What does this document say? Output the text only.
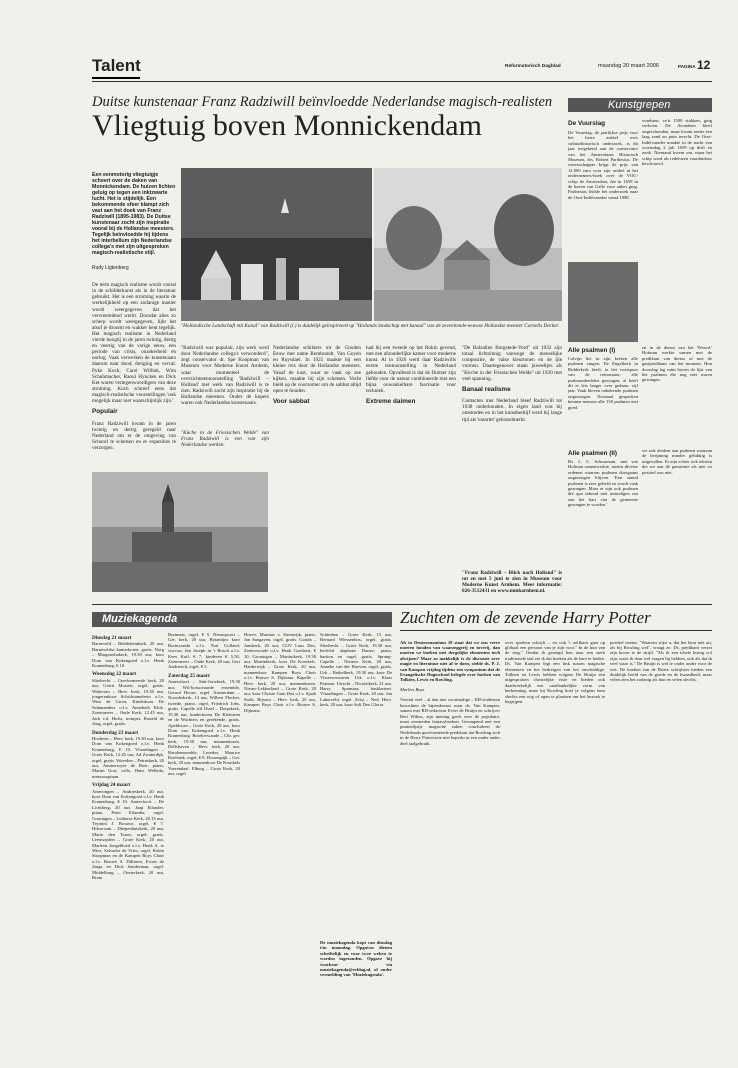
Talent	Reformatorisch Dagblad	maandag 20 maart 2006	PAGINA 12
Duitse kunstenaar Franz Radziwill beïnvloedde Nederlandse magisch-realisten
Vliegtuig boven Monnickendam
Een eenmotorig vliegtuigje scheert over de daken van Monnickendam. De huizen lichten geluig op tegen een inktzwarte lucht. Het is stijdelijk. Een bekommende sfeer klampt zich vast aan het doek van Franz Radziwill (1895-1983). De Duitse kunstenaar zocht zijn inspiratie vooral bij de Hollandse meesters. Tegelijk beïnvloedde hij tijdens het interbellum zijn Nederlandse collega's met zijn uitgesproken magisch-realistische stijl.
Rudy Ligtenberg
"Hollandische Landschaft mit Kanal" van Radziwill (l.) is duidelijk geïnspireerd op "Hollands landschap met kanaal" van de zeventiende-eeuwse Hollandse meester Cornelis Decker.

De term magisch realisme wordt vooral in de schilderkunst als in de literatuur gebruikt. Het is een stroming waarin de werkelijkheid op een zodanige manier wordt weergegeven dat het vervreemdend werkt. Doordat alles zo scherp wordt weergegeven, lijkt het alsof je droomt en wakker bent tegelijk. Het magisch realisme in Nederland vierde hoogtij in de jaren twintig, dertig en veertig van de vorige eeuw, een periode van crisis, onzekerheid en oorlog. Vaak verwerken de kunstenaars daarom naar dood, dreiging en verval. Pyke Koch, Carel Willink, Wim Schuhmacher, Raoul Hynckes en Dick Ket waren vertegenwoordigers van deze stroming. Koch schreef eens dat magisch-realistische voorstellingen 'ook mogelijk maar niet waarschijnlijk zijn.'

Populair

Franz Radziwill kwam in de jaren twintig en dertig geregeld naar Nederland om er de omgeving van Schoorl te schetsen en er exposities te verzorgen.

"Radziwill was populair, zijn werk werd door Nederlandse collega's verwonderd", zegt conservator dr. Spe Koopman van Museum voor Moderne Kunst Arnhem, waar momenteel de overzichtstentoonstelling 'Radziwill – Holland' met werk van Radziwill is te zien. Radziwill zocht zijn inspiratie bij de Hollandse meesters. Onder de kopers waren ook Nederlandse kunstenaars.

"Küche in de Friesischen Welde" van Franz Radziwill is een van zijn Nederlandse werken.

Nederlandse schilders uit de Gouden Eeuw met name Rembrandt, Van Goyen en Ruysdael. In 1925 maakte hij een kleine reis door de Hollandse meesters. Vanaf de kust, waar ze vaak op zee kijken, maakte hij zijn schetsen. Vecht hield op de voorzomer om de sabbat altijd open te houden.

Voor sabbat

had hij een tweede op het Rokin gevend, met een afzonderlijke kamer voor moderne kunst. Al in 1926 werd daar Radziwills eerste tentoonstelling in Nederland gehouden. Opvallend is dat de Duitser zijn liefde voor de natuur combineerde met een bijna onwankelbare fascinatie voor techniek.

Extreme daimen

"De Balzaline Borgstede-Vord" uit 1932 zijn totaal lichtzinnig vanwege de menselijke compositie, de valse kleurtonen en de ijle vormen. Daartegenover staan juweeltjes als "Kirche in der Friesischen Welde" uit 1930 met veel spanning.

Banaal realisme

Contacten met Nederland bleef Radziwill tot 1938 onderhouden. In eigen land was hij omstreden en in het kunstbedrijf werd hij lange tijd als 'entartet' gebrandmerkt.

"Franz Radziwill – Blick nach Holland" is tot en met 5 juni te zien in Museum voor Moderne Kunst Arnhem. Meer informatie: 026-3512431 en www.mmkarnhem.nl.
Kunstgrepen
De Vuurslag
De Vuurslag, de jaarlijkse prijs voor het beste artikel over cultuurhistorisch onderzoek, is dit jaar toegekend aan de conservator van het Amsterdams Historisch Museum, drs. Robert Parthesius. De wetenschapper krijgt de prijs van 12.000 euro voor zijn artikel in het ondernemers-boek over de VOC-schip de Amsterdam, dat in 1659 in de haven van Galle voor anker ging. Parthesius leidde het onderzoek naar de Oost-Indiëvaarder vanaf 1998.
vondsten, zo'n 1500 stukken, ging verloren. De Avondster bleef ongeschonden, maar kwam onder een laag zand en puin terecht. De Oost-Indiëvaarder maakte in de nacht van woensdag 2 juli 1659 op drift en zonk. Niemand kwam om, maar het schip werd als redelozen vaarduidoos beschouwd.
Alle psalmen (I)
Calvijn liet in zijn kerken alle psalmen zingen. De Engelkerk in Ridderkerk heeft, in het voetspoor van de reformator, alle psalmonderdelen gezongen, al heeft dit er lets langer over gedaan: vijf jaar. Vaak bleven onbekende psalmen ongezongen. Normaal gesproken kennen mensen alle 150 psalmen niet goed.
en in de dienst van het 'Woord.' Hofman werkte samen met de predikant van dienst of met de gastpredikant van het moment. Hun doorslag lag ruim boven de lijst van het psalmen die nog niet waren gezongen.
Alle psalmen (II)
Ds. L. C. Schuurman, met wie Hofman samenwerkte, noemt diverse redenen waarom psalmen doorgaans ongezongen blijven. 'Een aantal psalmen is zeer geliefd en wordt vaak gezongen. Maar er zijn ook psalmen die qua inhoud niet uitnodigen om aan het hart van de gemeente gezongen te worden.'
we ook denken aan psalmen waarvan de berijming minder gelukkig is uitgevallen. Er zijn echter ook teksten die we aan de gemeente als niet zo positief zou niet.
Muziekagenda
Dinsdag 21 maart
Barneveld – Bethlehemkerk, 20 uur, Barneveldse kamerkoren, gratis. Norg – Margarethakerk, 19.30 uur, koor Dom van Kokengoed o.l.v. Henk Kranenburg, € 10.
Woensdag 22 maart
Sliedrecht – Gereformeerde kerk, 20 uur, Gerrit Mostert, orgel, gratis. Wekerom – Herv. kerk, 19.30 uur, jongerenkoor Schichtamelerin o.l.v. Wim de Groot, Kinderkoor De Salamanders o.l.v. Annebeth Klok. Zoetermeer – Oude Kerk, 12.45 uur, Jack v.d. Hulst, trompet, Ronald de Jong, orgel, gratis.
Donderdag 23 maart
Hooheen – Herv. kerk, 19.30 uur, koor Dom van Kokengoed o.l.v. Henk Kranenburg, € 10. Vlaardingen – Grote Kerk, 12.45 uur, Ad Zwaterdijk, orgel, gratis. Woerden – Petruskerk, 20 uur, Ammersoyer de Boer, piano, Martin Gort, cello, Hans Welleda, mezzosopraan.
Vrijdag 24 maart
Amerongen – Andrieskerk, 20 uur, koor Dom van Kokengoed o.l.v. Henk Kranenburg, € 10. Amersfoort – De Lichtberg, 20 uur, Jaap Eilander, piano, Peter Eilander, orgel. Groningen – Lutherse Kerk, 20.15 uur, Trymini J. Brouwe, orgel, € 7. Hilversum – Dhepenhuiskerk, 20 uur, Mario den Toom, orgel, gratis. Leeuwarden – Grote Kerk, 20 uur, Marleen Jongebloed o.l.v. Henk A. te Wies, Salvador de Vries, orgel, Robin Stoopman en de Kampen Boys Choir o.l.v. Bouwe S. Dillasen, Ewart de Jongs en Dick Sanderman, orgel. Middelburg – Oosterkerk, 20 uur, Bram
Brzinson, orgel, € 5. Nieuwpoort – Ger. kerk, 20 uur, Bytantijns koor Bortnyanski o.l.v. Yuri Golland, viscosa, Jan Joseph in 't Bosch o.l.v. Kees Kuil, € 7, kinderen € 5,50. Zoetermeer – Oude Kerk, 20 uur, Gert Andriesch, orgel, € 5.
Zaterdag 25 maart
Amersfoort – Sint-Joriskerk, 19.30 uur, Wtl-bossovaarde ensemble, Gerard Hoorn, orgel. Amsterdam – Noorderkerk, 14 uur, Wilbert Flecher, tweede, piano, orgel, Friedrich Jobs, gratis. Capelle a/d IJssel – Dorpskerk, 19.30 uur, kinderkoren De Kleinsten en de Wachters en gerekende, gratis. Apeldoorn – Grote Kerk, 20 uur, koor Dom van Kokengoed o.l.v. Henk Kranenburg. Broekerwaude – Chr. ger. kerk, 19.30 uur, mannenkoren. Delfshaven – Herv. kerk, 20 uur, Barokensemble, Lourdes, Maurice Roelvink, orgel, € 8. Doornspijk – Ger. kerk, 20 uur, mannenkoor De Kronkels Voerendaal. Elburg – Grote Kerk, 20 uur, orgel.
Hoeve, Marinus v. Strenwijk, piano, Jan Sangaven, orgel, gratis. Gouda – Janskerk, 20 uur, COV Laus Deo, Zoeterwoude o.l.v. Henk Goedaert, € 10. Groningen – Martinikerk, 19.30 uur, Martinikerk, koor De Kronkels. Harderwijk – Grote Kerk, 20 uur, mannenkoor Kampen Boys Choir o.l.v. Bouwe S. Dijksma. Kapelle – Herv. kerk, 20 uur, mannenkoren. Nieuw-Lekkerland – Grote Kerk, 20 uur, koor Christe Gam Dea o.l.v. Sjaak Stolk. Rijssen – Herv. kerk, 20 uur, Kampen Boys Choir o.l.v. Bouwe S. Dijksma.
Schiedam – Grote Kerk, 15 uur, Bernard Wiessenbos, orgel, gratis. Sliedrecht – Grote Kerk, 19.30 uur, herlobd alaphons Dunze, piano, bariton en orgel, gratis. Sprang-Capelle – Nieuwe Kerk, 20 uur, Anneke van der Hoeven, orgel, gratis. Urk – Bethelkerk, 19.30 uur, koor De Vissersvrouwen Urk o.l.v. Klaas Pasman. Utrecht – Nicolaïkerk, 21 uur, Harry Sparnaay, basklarinet. Vlaardingen – Grote Kerk, 20 uur, Jan Lakerveld, orgel. Zeist – Ned. Herv. kerk, 20 uur, koor Soli Deo Gloria.
De muziekagenda kopt van dinsdag t/m maandag. Opgaven dienen schriftelijk en voor twee weken te worden ingezonden. Opgave bij voorkeur via muziekagenda@refdag.nl, of onder vermelding van 'Muziekagenda'.
Zuchten om de zevende Harry Potter

Als in Deuteronomium 18 staat dat we ons verre moeten houden van waarzeggerij en toverij, dan moeten we boeken met dergelijke elementen toch afwijzen? Maar zo makkelijk is de discussie over magie en literatuur niet af te doen, stelde ds. P. J. van Kampen vrijdag tijdens een symposium dat de Evangelische Hogeschool belegde over boeken van Tolkien, Lewis en Rowling.

Marlies Buys

Voortal veel – al dan niet voortmalige – EH-studenten bezochten de bijeenkomst waar ds. Van Kampen, samen met RD-redacteur Evert de Bruijn en schrijver Bert Wilms, zijn mening geeft over de populaire, maar omstreden fantasyboeken. Gevuupend met een puntenlijstje magische zaken concludeert de Nederlands gereformeerde predikant dat Rowling zich in de Harry Potterserie niet beperkt in een onder ander deel taalgebruik.

over spreken schrijft – en ook 't zelfkant gaat op globaal een persoon van je zijn voor." In de hun van de ring." Omdat ik geneigd ben naar een sterk traditionele taal zie ik dat boeken als de hare te leiden. Ds. Van Kampen legt een link tussen magische elementen en het bedreigen van het onschuldige. Tolkien en Lewis hebben volgens De Bruijn een uitgesproken christelijke visie en bieden ook daadwerkelijk een onafhankelijke vorm van herkenning, maar bij Rowling hoef je volgens hem slechts een oog of ogen te plaatsen om het bezoek te begrijpen.

positief noemt. "Waarom wijst u, dat het hem niet uit, als bij Rowling wel", vraagt ze. Ds. predikant verzet zijn hoorn te de strijd. "Als ik een ichele lezing vol zijn, moet ik daar wel vragen bij hebben, ook als dat ik veel waar is." De Bruijn is wel te onder ander voor de wet. De boeken van de Britse schrijfster bieden een duidelijk beeld van de goede en de kwaadheid, maar velen zien het zodanig als hun en velen slechts.
